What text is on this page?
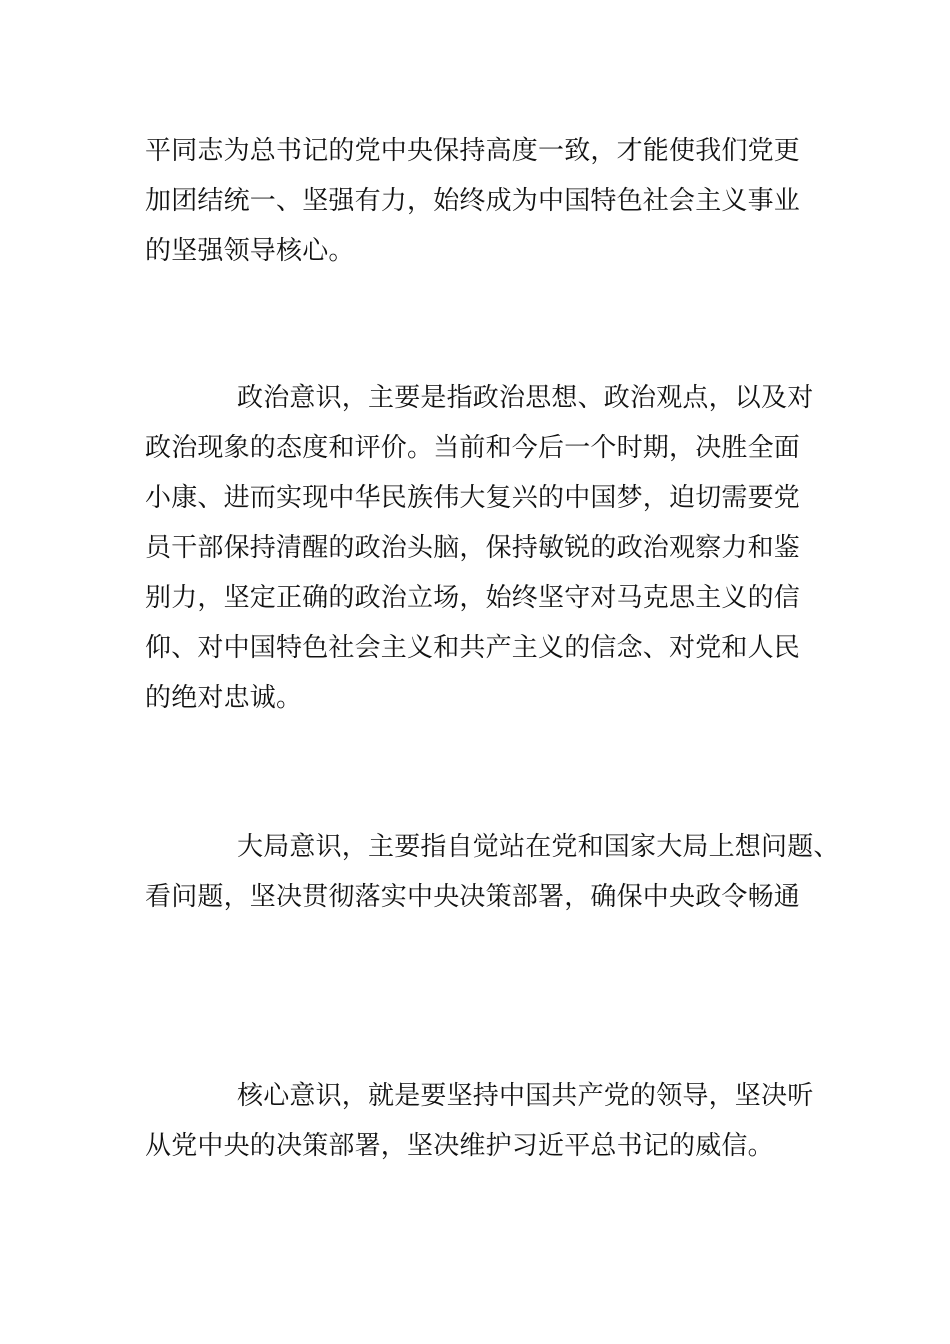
平同志为总书记的党中央保持高度一致，才能使我们党更
加团结统一、坚强有力，始终成为中国特色社会主义事业
的坚强领导核心。
政治意识，主要是指政治思想、政治观点，以及对
政治现象的态度和评价。当前和今后一个时期，决胜全面
小康、进而实现中华民族伟大复兴的中国梦，迫切需要党
员干部保持清醒的政治头脑，保持敏锐的政治观察力和鉴
别力，坚定正确的政治立场，始终坚守对马克思主义的信
仰、对中国特色社会主义和共产主义的信念、对党和人民
的绝对忠诚。
大局意识，主要指自觉站在党和国家大局上想问题、
看问题，坚决贯彻落实中央决策部署，确保中央政令畅通
核心意识，就是要坚持中国共产党的领导，坚决听
从党中央的决策部署，坚决维护习近平总书记的威信。
